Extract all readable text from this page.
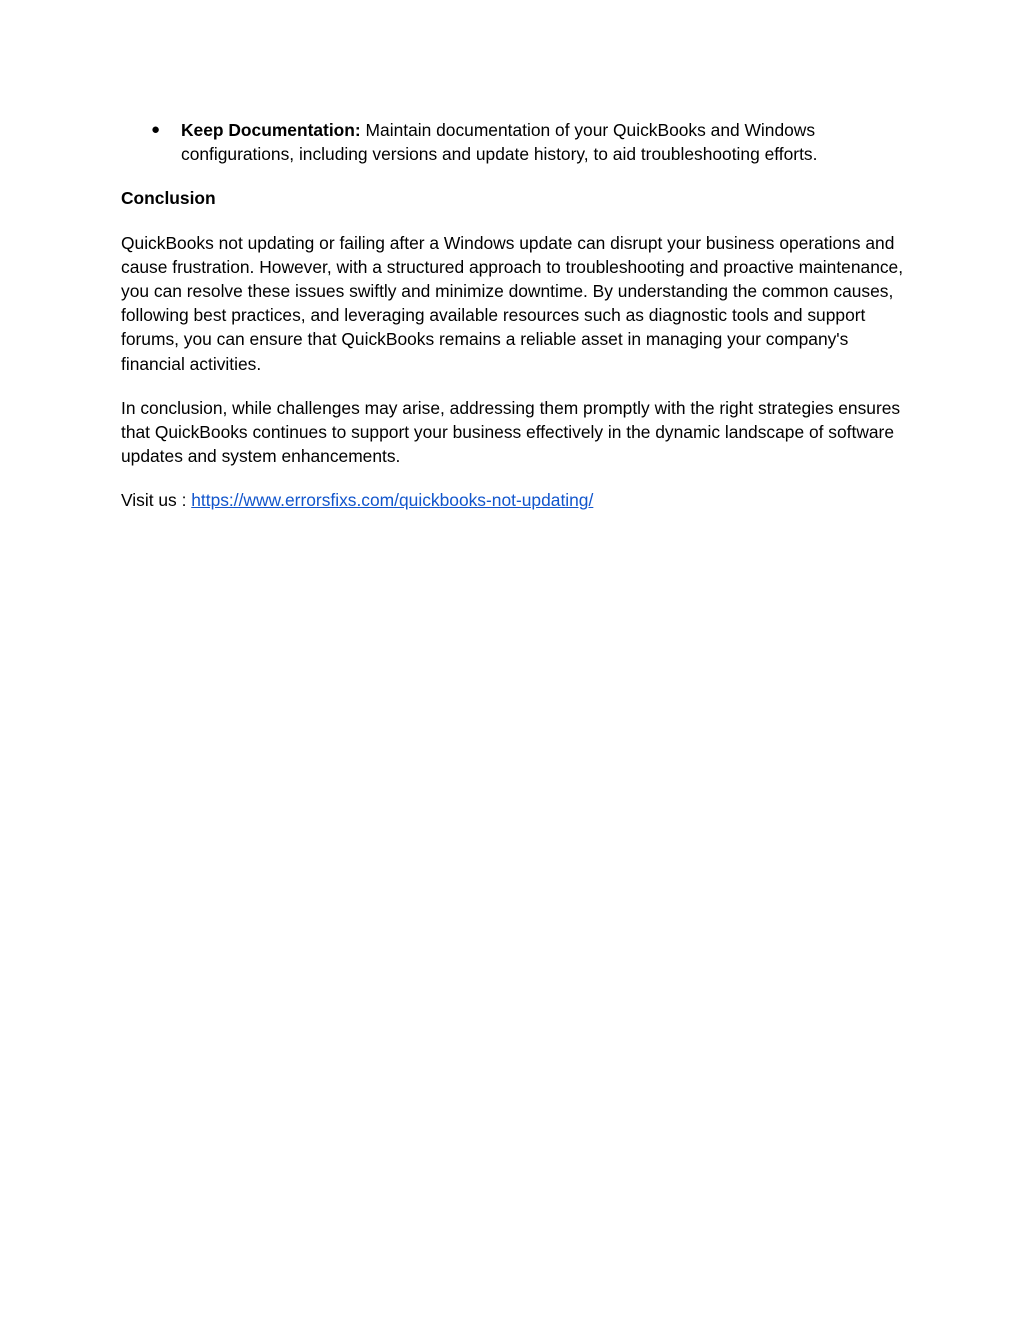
● Keep Documentation: Maintain documentation of your QuickBooks and Windows configurations, including versions and update history, to aid troubleshooting efforts.

Conclusion

QuickBooks not updating or failing after a Windows update can disrupt your business operations and cause frustration. However, with a structured approach to troubleshooting and proactive maintenance, you can resolve these issues swiftly and minimize downtime. By understanding the common causes, following best practices, and leveraging available resources such as diagnostic tools and support forums, you can ensure that QuickBooks remains a reliable asset in managing your company's financial activities.

In conclusion, while challenges may arise, addressing them promptly with the right strategies ensures that QuickBooks continues to support your business effectively in the dynamic landscape of software updates and system enhancements.

Visit us : https://www.errorsfixs.com/quickbooks-not-updating/
